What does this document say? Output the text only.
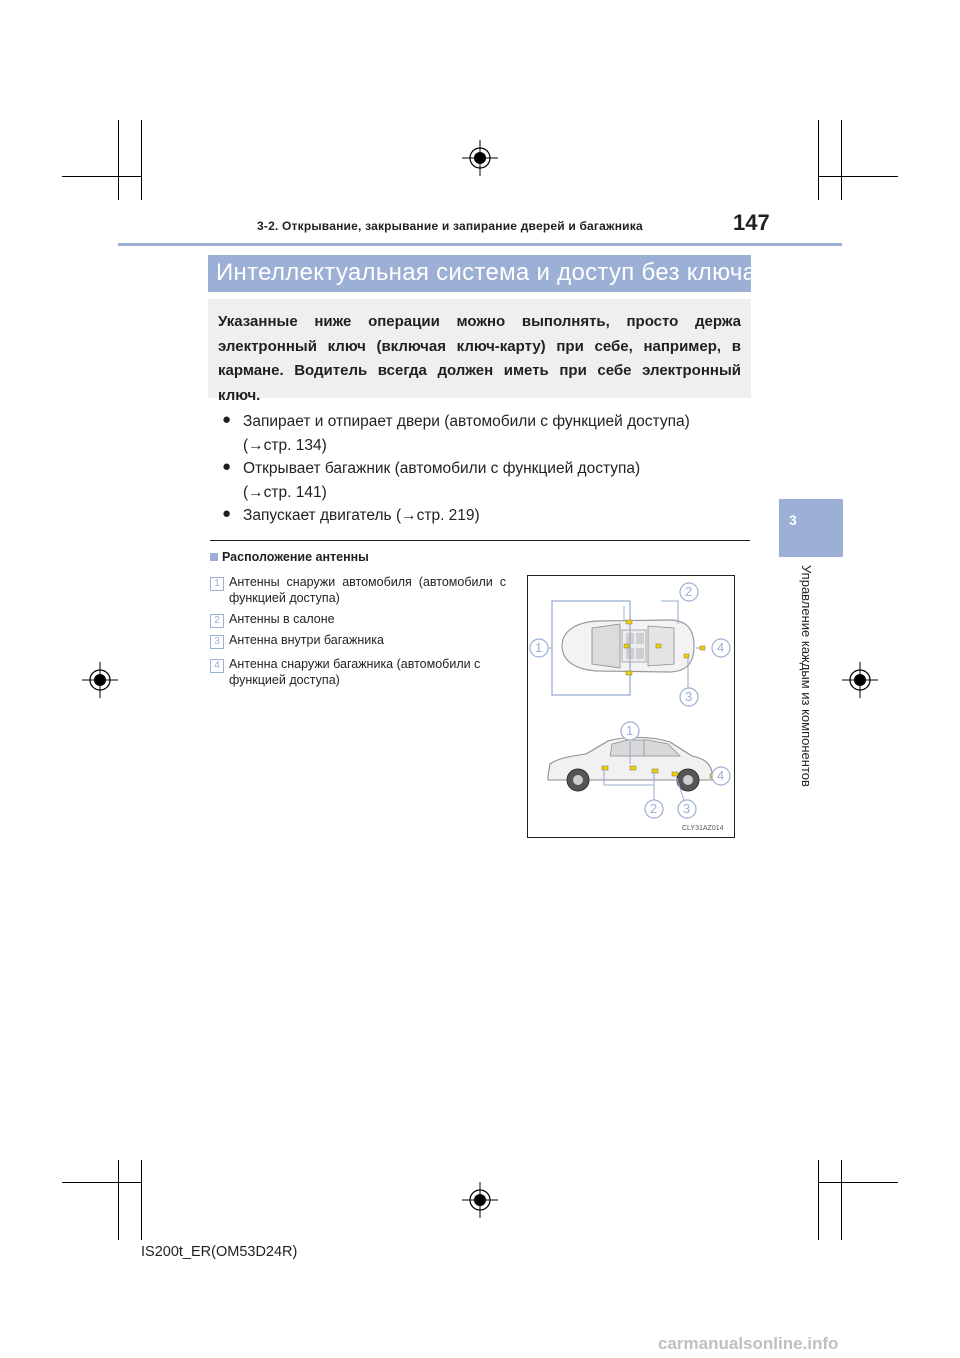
3-2. Открывание, закрывание и запирание дверей и багажника	147
Интеллектуальная система и доступ без ключа
Указанные ниже операции можно выполнять, просто держа электронный ключ (включая ключ-карту) при себе, например, в кармане. Водитель всегда должен иметь при себе электронный ключ.
● Запирает и отпирает двери (автомобили с функцией доступа)
(→стр. 134)
● Открывает багажник (автомобили с функцией доступа)
(→стр. 141)
● Запускает двигатель (→стр. 219)
Расположение антенны
1 Антенны снаружи автомобиля (автомобили с функцией доступа)
2 Антенны в салоне
3 Антенна внутри багажника
4 Антенна снаружи багажника (автомобили с функцией доступа)
3
Управление каждым из компонентов
1
2
3
4
1
2 3
4
CLY31AZ014
IS200t_ER(OM53D24R)
carmanualsonline.info
